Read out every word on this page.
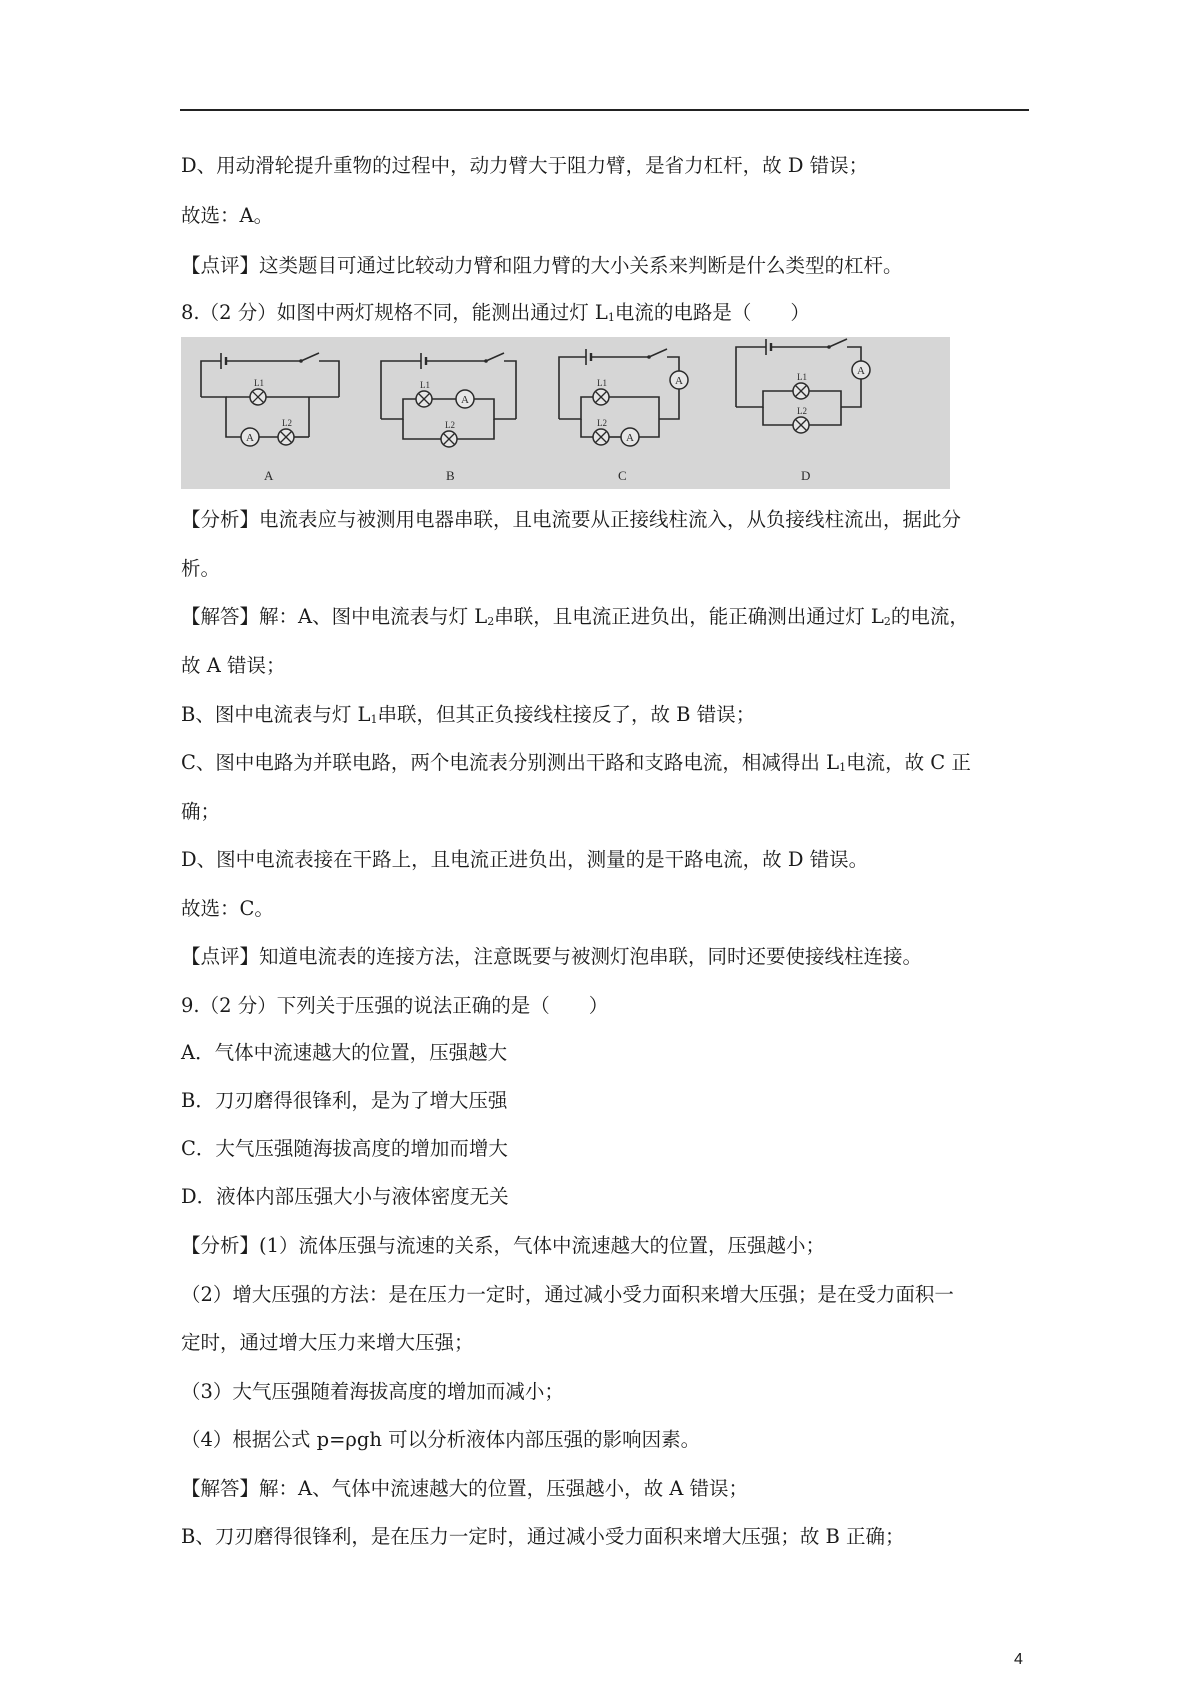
D、用动滑轮提升重物的过程中，动力臂大于阻力臂，是省力杠杆，故 D 错误；
故选：A。
【点评】这类题目可通过比较动力臂和阻力臂的大小关系来判断是什么类型的杠杆。
8.（2 分）如图中两灯规格不同，能测出通过灯 $L_1$电流的电路是（　　）
L1
A
L2
A
L1
A
L2
B
A
L1
L2
A
C
A
L1
L2
D
【分析】电流表应与被测用电器串联，且电流要从正接线柱流入，从负接线柱流出，据此分
析。
【解答】解：A、图中电流表与灯 $L_2$串联，且电流正进负出，能正确测出通过灯 $L_2$的电流，
故 A 错误；
B、图中电流表与灯 $L_1$串联，但其正负接线柱接反了，故 B 错误；
C、图中电路为并联电路，两个电流表分别测出干路和支路电流，相减得出 $L_1$电流，故 C 正
确；
D、图中电流表接在干路上，且电流正进负出，测量的是干路电流，故 D 错误。
故选：C。
【点评】知道电流表的连接方法，注意既要与被测灯泡串联，同时还要使接线柱连接。
9.（2 分）下列关于压强的说法正确的是（　　）
A．气体中流速越大的位置，压强越大
B．刀刃磨得很锋利，是为了增大压强
C．大气压强随海拔高度的增加而增大
D．液体内部压强大小与液体密度无关
【分析】(1）流体压强与流速的关系，气体中流速越大的位置，压强越小；
（2）增大压强的方法：是在压力一定时，通过减小受力面积来增大压强；是在受力面积一
定时，通过增大压力来增大压强；
（3）大气压强随着海拔高度的增加而减小；
（4）根据公式 p=ρgh 可以分析液体内部压强的影响因素。
【解答】解：A、气体中流速越大的位置，压强越小，故 A 错误；
B、刀刃磨得很锋利，是在压力一定时，通过减小受力面积来增大压强；故 B 正确；
4
